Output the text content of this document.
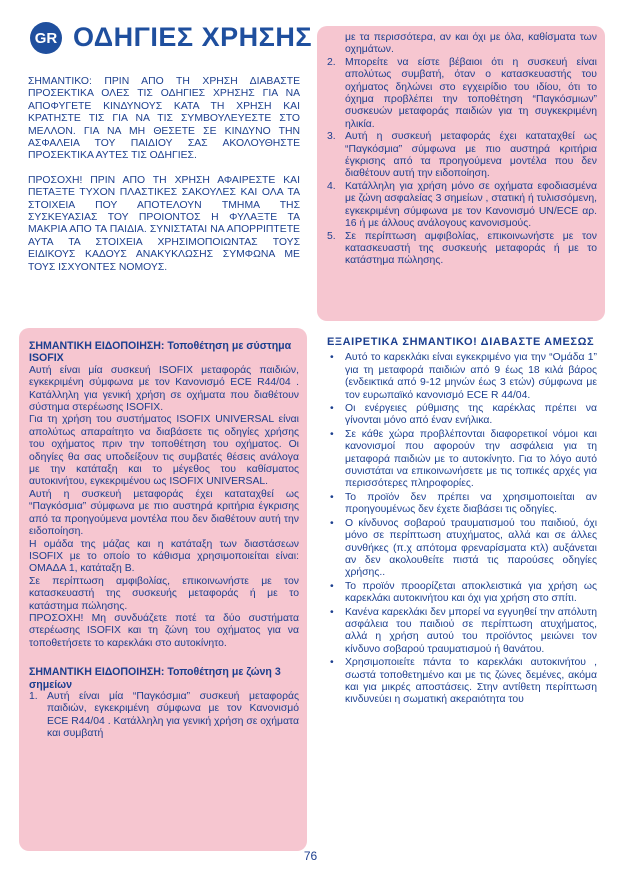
GR ΟΔΗΓΙΕΣ ΧΡΗΣΗΣ

ΣΗΜΑΝΤΙΚΟ: ΠΡΙΝ ΑΠΟ ΤΗ ΧΡΗΣΗ ΔΙΑΒΑΣΤΕ ΠΡΟΣΕΚΤΙΚΑ ΟΛΕΣ ΤΙΣ ΟΔΗΓΙΕΣ ΧΡΗΣΗΣ ΓΙΑ ΝΑ ΑΠΟΦΥΓΕΤΕ ΚΙΝΔΥΝΟΥΣ ΚΑΤΑ ΤΗ ΧΡΗΣΗ ΚΑΙ ΚΡΑΤΗΣΤΕ ΤΙΣ ΓΙΑ ΝΑ ΤΙΣ ΣΥΜΒΟΥΛΕΥΕΣΤΕ ΣΤΟ ΜΕΛΛΟΝ. ΓΙΑ ΝΑ ΜΗ ΘΕΣΕΤΕ ΣΕ ΚΙΝΔΥΝΟ ΤΗΝ ΑΣΦΑΛΕΙΑ ΤΟΥ ΠΑΙΔΙΟΥ ΣΑΣ ΑΚΟΛΟΥΘΗΣΤΕ ΠΡΟΣΕΚΤΙΚΑ ΑΥΤΕΣ ΤΙΣ ΟΔΗΓΙΕΣ.

ΠΡΟΣΟΧΗ! ΠΡΙΝ ΑΠΟ ΤΗ ΧΡΗΣΗ ΑΦΑΙΡΕΣΤΕ ΚΑΙ ΠΕΤΑΞΤΕ ΤΥΧΟΝ ΠΛΑΣΤΙΚΕΣ ΣΑΚΟΥΛΕΣ ΚΑΙ ΟΛΑ ΤΑ ΣΤΟΙΧΕΙΑ ΠΟΥ ΑΠΟΤΕΛΟΥΝ ΤΜΗΜΑ ΤΗΣ ΣΥΣΚΕΥΑΣΙΑΣ ΤΟΥ ΠΡΟΙΟΝΤΟΣ Η ΦΥΛΑΞΤΕ ΤΑ ΜΑΚΡΙΑ ΑΠΟ ΤΑ ΠΑΙΔΙΑ. ΣΥΝΙΣΤΑΤΑΙ ΝΑ ΑΠΟΡΡΙΠΤΕΤΕ ΑΥΤΑ ΤΑ ΣΤΟΙΧΕΙΑ ΧΡΗΣΙΜΟΠΟΙΩΝΤΑΣ ΤΟΥΣ ΕΙΔΙΚΟΥΣ ΚΑΔΟΥΣ ΑΝΑΚΥΚΛΩΣΗΣ ΣΥΜΦΩΝΑ ΜΕ ΤΟΥΣ ΙΣΧΥΟΝΤΕΣ ΝΟΜΟΥΣ.

ΣΗΜΑΝΤΙΚΗ ΕΙΔΟΠΟΙΗΣΗ: Τοποθέτηση με σύστημα ISOFIX

Αυτή είναι μία συσκευή ISOFIX μεταφοράς παιδιών, εγκεκριμένη σύμφωνα με τον Κανονισμό ECE R44/04 . Κατάλληλη για γενική χρήση σε οχήματα που διαθέτουν σύστημα στερέωσης ISOFIX.

Για τη χρήση του συστήματος ISOFIX UNIVERSAL είναι απολύτως απαραίτητο να διαβάσετε τις οδηγίες χρήσης του οχήματος πριν την τοποθέτηση του οχήματος. Οι οδηγίες θα σας υποδείξουν τις συμβατές θέσεις ανάλογα με την κατάταξη και το μέγεθος του καθίσματος αυτοκινήτου, εγκεκριμένου ως ISOFIX UNIVERSAL.

Αυτή η συσκευή μεταφοράς έχει καταταχθεί ως “Παγκόσμια” σύμφωνα με πιο αυστηρά κριτήρια έγκρισης από τα προηγούμενα μοντέλα που δεν διαθέτουν αυτή την ειδοποίηση.

Η ομάδα της μάζας και η κατάταξη των διαστάσεων ISOFIX με το οποίο το κάθισμα χρησιμοποιείται είναι: ΟΜΑΔΑ 1, κατάταξη B.

Σε περίπτωση αμφιβολίας, επικοινωνήστε με τον κατασκευαστή της συσκευής μεταφοράς ή με το κατάστημα πώλησης.

ΠΡΟΣΟΧΗ! Μη συνδυάζετε ποτέ τα δύο συστήματα στερέωσης ISOFIX και τη ζώνη του οχήματος για να τοποθετήσετε το καρεκλάκι στο αυτοκίνητο.

ΣΗΜΑΝΤΙΚΗ ΕΙΔΟΠΟΙΗΣΗ: Τοποθέτηση με ζώνη 3 σημείων
1. Αυτή είναι μία “Παγκόσμια” συσκευή μεταφοράς παιδιών, εγκεκριμένη σύμφωνα με τον Κανονισμό ECE R44/04 . Κατάλληλη για γενική χρήση σε οχήματα και συμβατή
με τα περισσότερα, αν και όχι με όλα, καθίσματα των οχημάτων.
2. Μπορείτε να είστε βέβαιοι ότι η συσκευή είναι απολύτως συμβατή, όταν ο κατασκευαστής του οχήματος δηλώνει στο εγχειρίδιο του ιδίου, ότι το όχημα προβλέπει την τοποθέτηση “Παγκόσμιων” συσκευών μεταφοράς παιδιών για τη συγκεκριμένη ηλικία.
3. Αυτή η συσκευή μεταφοράς έχει καταταχθεί ως “Παγκόσμια” σύμφωνα με πιο αυστηρά κριτήρια έγκρισης από τα προηγούμενα μοντέλα που δεν διαθέτουν αυτή την ειδοποίηση.
4. Κατάλληλη για χρήση μόνο σε οχήματα εφοδιασμένα με ζώνη ασφαλείας 3 σημείων , στατική ή τυλισσόμενη, εγκεκριμένη σύμφωνα με τον Κανονισμό UN/ECE αρ. 16 ή με άλλους ανάλογους κανονισμούς.
5. Σε περίπτωση αμφιβολίας, επικοινωνήστε με τον κατασκευαστή της συσκευής μεταφοράς ή με το κατάστημα πώλησης.
ΕΞΑΙΡΕΤΙΚΑ ΣΗΜΑΝΤΙΚΟ! ΔΙΑΒΑΣΤΕ ΑΜΕΣΩΣ
• Αυτό το καρεκλάκι είναι εγκεκριμένο για την “Ομάδα 1” για τη μεταφορά παιδιών από 9 έως 18 κιλά βάρος (ενδεικτικά από 9-12 μηνών έως 3 ετών) σύμφωνα με τον ευρωπαϊκό κανονισμό ECE R 44/04.
• Οι ενέργειες ρύθμισης της καρέκλας πρέπει να γίνονται μόνο από έναν ενήλικα.
• Σε κάθε χώρα προβλέπονται διαφορετικοί νόμοι και κανονισμοί που αφορούν την ασφάλεια για τη μεταφορά παιδιών με το αυτοκίνητο. Για το λόγο αυτό συνιστάται να επικοινωνήσετε με τις τοπικές αρχές για περισσότερες πληροφορίες.
• Το προϊόν δεν πρέπει να χρησιμοποιείται αν προηγουμένως δεν έχετε διαβάσει τις οδηγίες.
• Ο κίνδυνος σοβαρού τραυματισμού του παιδιού, όχι μόνο σε περίπτωση ατυχήματος, αλλά και σε άλλες συνθήκες (π.χ απότομα φρεναρίσματα κτλ) αυξάνεται αν δεν ακολουθείτε πιστά τις παρούσες οδηγίες χρήσης..
• Το προϊόν προορίζεται αποκλειστικά για χρήση ως καρεκλάκι αυτοκινήτου και όχι για χρήση στο σπίτι.
• Κανένα καρεκλάκι δεν μπορεί να εγγυηθεί την απόλυτη ασφάλεια του παιδιού σε περίπτωση ατυχήματος, αλλά η χρήση αυτού του προϊόντος μειώνει τον κίνδυνο σοβαρού τραυματισμού ή θανάτου.
• Χρησιμοποιείτε πάντα το καρεκλάκι αυτοκινήτου , σωστά τοποθετημένο και με τις ζώνες δεμένες, ακόμα και για μικρές αποστάσεις. Στην αντίθετη περίπτωση κινδυνεύει η σωματική ακεραιότητα του
76
